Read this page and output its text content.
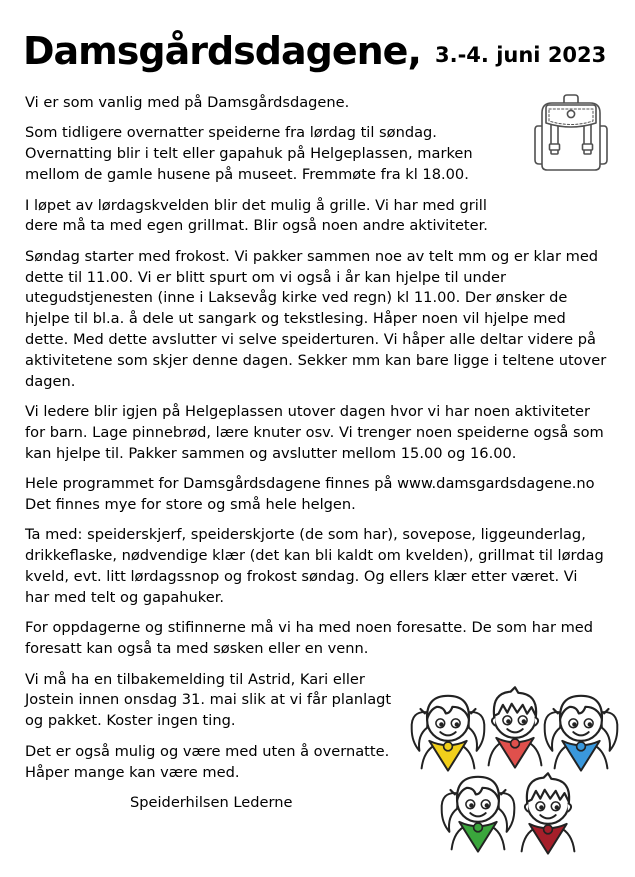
Damsgårdsdagene, 3.-4. juni 2023

Vi er som vanlig med på Damsgårdsdagene.

Som tidligere overnatter speiderne fra lørdag til søndag.
Overnatting blir i telt eller gapahuk på Helgeplassen, marken
mellom de gamle husene på museet. Fremmøte fra kl 18.00.

I løpet av lørdagskvelden blir det mulig å grille. Vi har med grill
dere må ta med egen grillmat. Blir også noen andre aktiviteter.

Søndag starter med frokost. Vi pakker sammen noe av telt mm og er klar med
dette til 11.00. Vi er blitt spurt om vi også i år kan hjelpe til under
utegudstjenesten (inne i Laksevåg kirke ved regn) kl 11.00. Der ønsker de
hjelpe til bl.a. å dele ut sangark og tekstlesing. Håper noen vil hjelpe med
dette. Med dette avslutter vi selve speiderturen. Vi håper alle deltar videre på
aktivitetene som skjer denne dagen. Sekker mm kan bare ligge i teltene utover
dagen.

Vi ledere blir igjen på Helgeplassen utover dagen hvor vi har noen aktiviteter
for barn. Lage pinnebrød, lære knuter osv. Vi trenger noen speiderne også som
kan hjelpe til. Pakker sammen og avslutter mellom 15.00 og 16.00.

Hele programmet for Damsgårdsdagene finnes på www.damsgardsdagene.no
Det finnes mye for store og små hele helgen.

Ta med: speiderskjerf, speiderskjorte (de som har), sovepose, liggeunderlag,
drikkeflaske, nødvendige klær (det kan bli kaldt om kvelden), grillmat til lørdag
kveld, evt. litt lørdagssnop og frokost søndag. Og ellers klær etter været. Vi
har med telt og gapahuker.

For oppdagerne og stifinnerne må vi ha med noen foresatte. De som har med
foresatt kan også ta med søsken eller en venn.

Vi må ha en tilbakemelding til Astrid, Kari eller
Jostein innen onsdag 31. mai slik at vi får planlagt
og pakket. Koster ingen ting.

Det er også mulig og være med uten å overnatte.
Håper mange kan være med.

Speiderhilsen Lederne
